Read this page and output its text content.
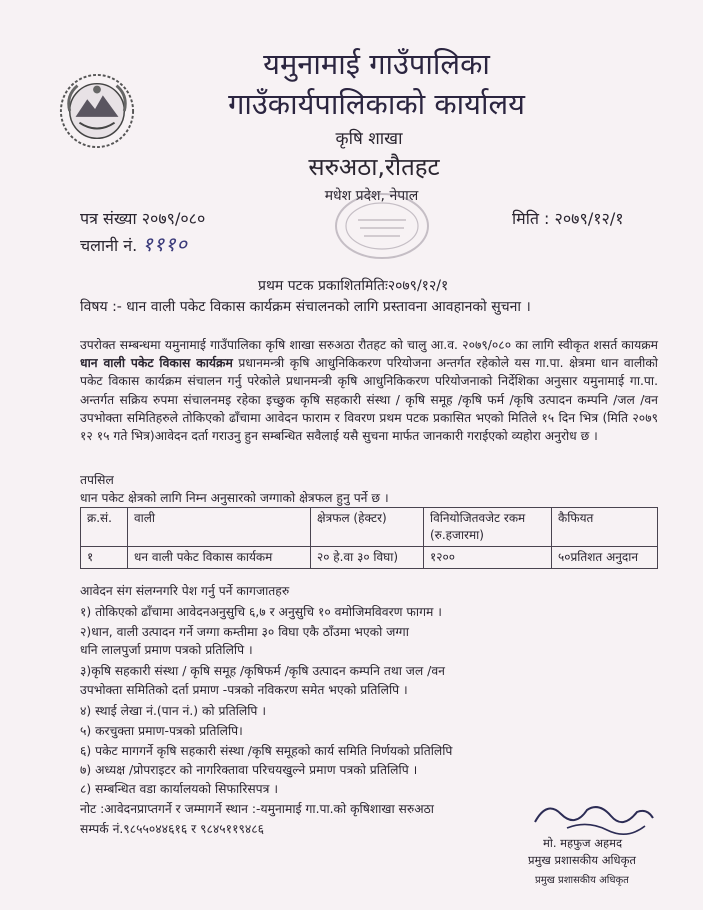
यमुनामाई गाउँपालिका
गाउँकार्यपालिकाको कार्यालय
कृषि शाखा
सरुअठा,रौतहट
मधेश प्रदेश, नेपाल
पत्र संख्या २०७९/०८०
चलानी नं. १११०
मिति : २०७९/१२/१
प्रथम पटक प्रकाशितमितिः२०७९/१२/१
विषय :- धान वाली पकेट विकास कार्यक्रम संचालनको लागि प्रस्तावना आवहानको सुचना ।
उपरोक्त सम्बन्धमा यमुनामाई गाउँपालिका कृषि शाखा सरुअठा रौतहट को चालु आ.व. २०७९/०८० का लागि स्वीकृत शसर्त कायक्रम धान वाली पकेट विकास कार्यक्रम प्रधानमन्त्री कृषि आधुनिकिकरण परियोजना अन्तर्गत रहेकोले यस गा.पा. क्षेत्रमा धान वालीको पकेट विकास कार्यक्रम संचालन गर्नु परेकोले प्रधानमन्त्री कृषि आधुनिकिकरण परियोजनाको निर्देशिका अनुसार यमुनामाई गा.पा. अन्तर्गत सक्रिय रुपमा संचालनमइ रहेका इच्छुक कृषि सहकारी संस्था / कृषि समूह /कृषि फर्म /कृषि उत्पादन कम्पनि /जल /वन उपभोक्ता समितिहरुले तोकिएको ढाँचामा आवेदन फाराम र विवरण प्रथम पटक प्रकासित भएको मितिले १५ दिन भित्र (मिति २०७९ १२ १५ गते भित्र)आवेदन दर्ता गराउनु हुन सम्बन्धित सवैलाई यसै सुचना मार्फत जानकारी गराईएको व्यहोरा अनुरोध छ ।
तपसिल
धान पकेट क्षेत्रको लागि निम्न अनुसारको जग्गाको क्षेत्रफल हुनु पर्ने छ ।
क्र.सं.	वाली	क्षेत्रफल (हेक्टर)	विनियोजितवजेट रकम (रु.हजारमा)	कैफियत
१	धन वाली पकेट विकास कार्यकम	२० हे.वा ३० विघा)	१२००	५०प्रतिशत अनुदान
आवेदन संग संलग्नगरि पेश गर्नु पर्ने कागजातहरु
१) तोकिएको ढाँचामा आवेदनअनुसुचि ६,७ र अनुसुचि १० वमोजिमविवरण फागम ।
२)धान, वाली उत्पादन गर्ने जग्गा कम्तीमा ३० विघा एकै ठाँउमा भएको जग्गा
धनि लालपुर्जा प्रमाण पत्रको प्रतिलिपि ।
३)कृषि सहकारी संस्था / कृषि समूह /कृषिफर्म /कृषि उत्पादन कम्पनि तथा जल /वन
उपभोक्ता समितिको दर्ता प्रमाण -पत्रको नविकरण समेत भएको प्रतिलिपि ।
४) स्थाई लेखा नं.(पान नं.) को प्रतिलिपि ।
५) करचुक्ता प्रमाण-पत्रको प्रतिलिपि।
६) पकेट मागगर्ने कृषि सहकारी संस्था /कृषि समूहको कार्य समिति निर्णयको प्रतिलिपि
७) अध्यक्ष /प्रोपराइटर को नागरिक्तावा परिचयखुल्ने प्रमाण पत्रको प्रतिलिपि ।
८) सम्बन्धित वडा कार्यालयको सिफारिसपत्र ।
नोट :आवेदनप्राप्तगर्ने र जम्मागर्ने स्थान :-यमुनामाई गा.पा.को कृषिशाखा सरुअठा
सम्पर्क नं.९८५५०४४६१६ र ९८४५११९४८६
मो. महफुज अहमद
प्रमुख प्रशासकीय अधिकृत
प्रमुख प्रशासकीय अधिकृत
